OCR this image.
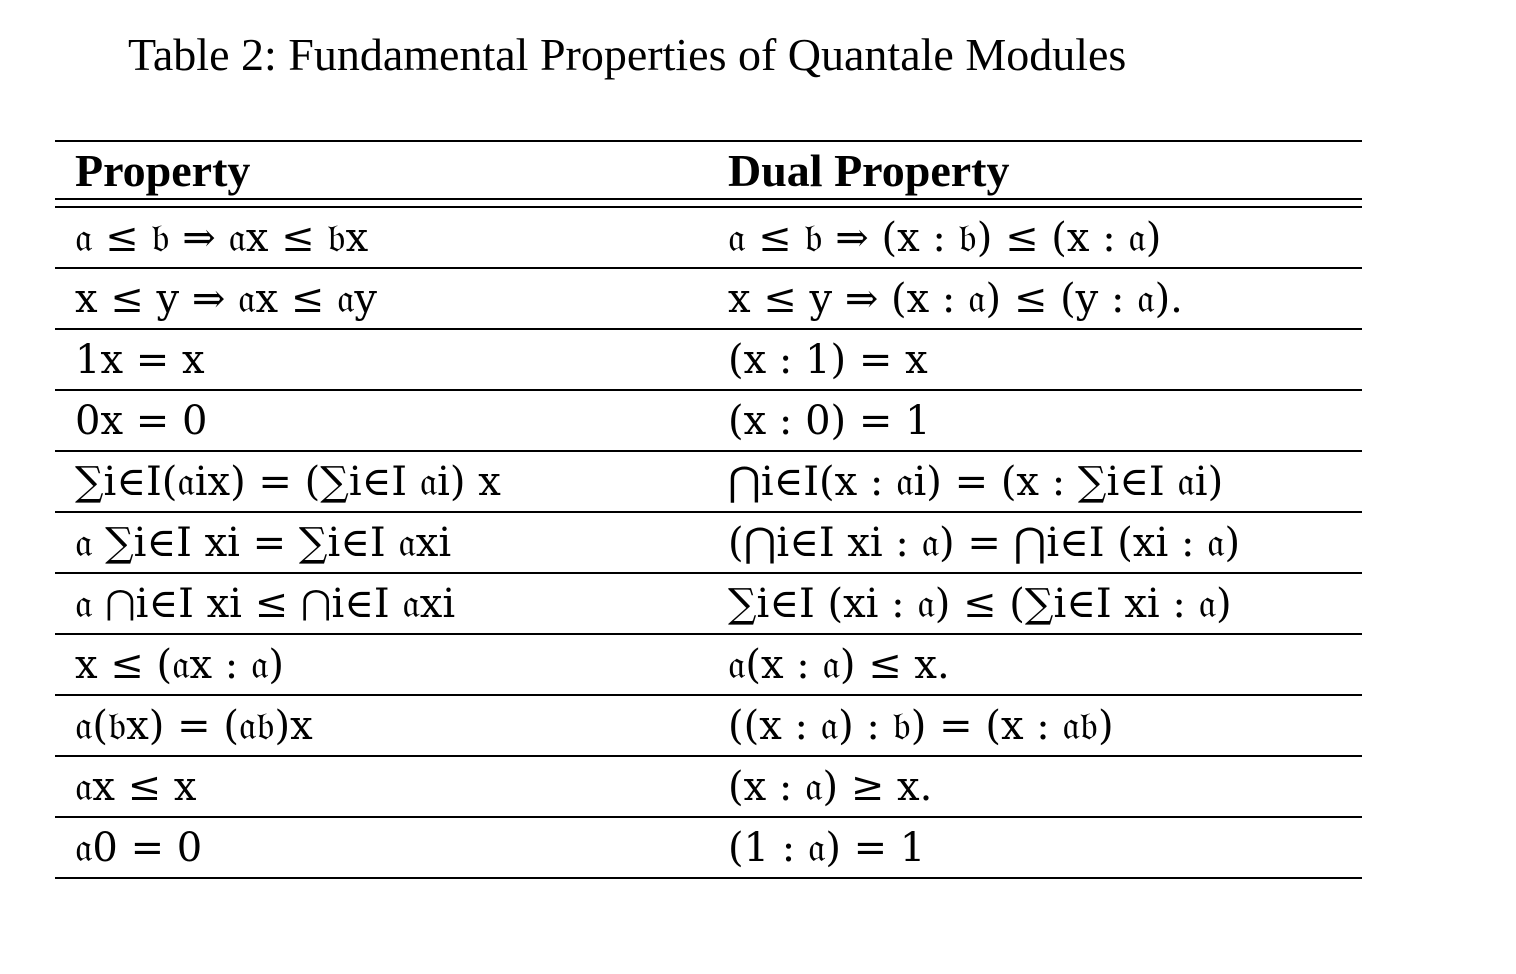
Table 2: Fundamental Properties of Quantale Modules
Property	Dual Property
𝔞 ≤ 𝔟 ⇒ 𝔞x ≤ 𝔟x	𝔞 ≤ 𝔟 ⇒ (x : 𝔟) ≤ (x : 𝔞)
x ≤ y ⇒ 𝔞x ≤ 𝔞y	x ≤ y ⇒ (x : 𝔞) ≤ (y : 𝔞).
1x = x	(x : 1) = x
0x = 0	(x : 0) = 1
∑i∈I(𝔞ix) = (∑i∈I 𝔞i) x	⋂i∈I(x : 𝔞i) = (x : ∑i∈I 𝔞i)
𝔞 ∑i∈I xi = ∑i∈I 𝔞xi	(⋂i∈I xi : 𝔞) = ⋂i∈I (xi : 𝔞)
𝔞 ⋂i∈I xi ≤ ⋂i∈I 𝔞xi	∑i∈I (xi : 𝔞) ≤ (∑i∈I xi : 𝔞)
x ≤ (𝔞x : 𝔞)	𝔞(x : 𝔞) ≤ x.
𝔞(𝔟x) = (𝔞𝔟)x	((x : 𝔞) : 𝔟) = (x : 𝔞𝔟)
𝔞x ≤ x	(x : 𝔞) ≥ x.
𝔞0 = 0	(1 : 𝔞) = 1
